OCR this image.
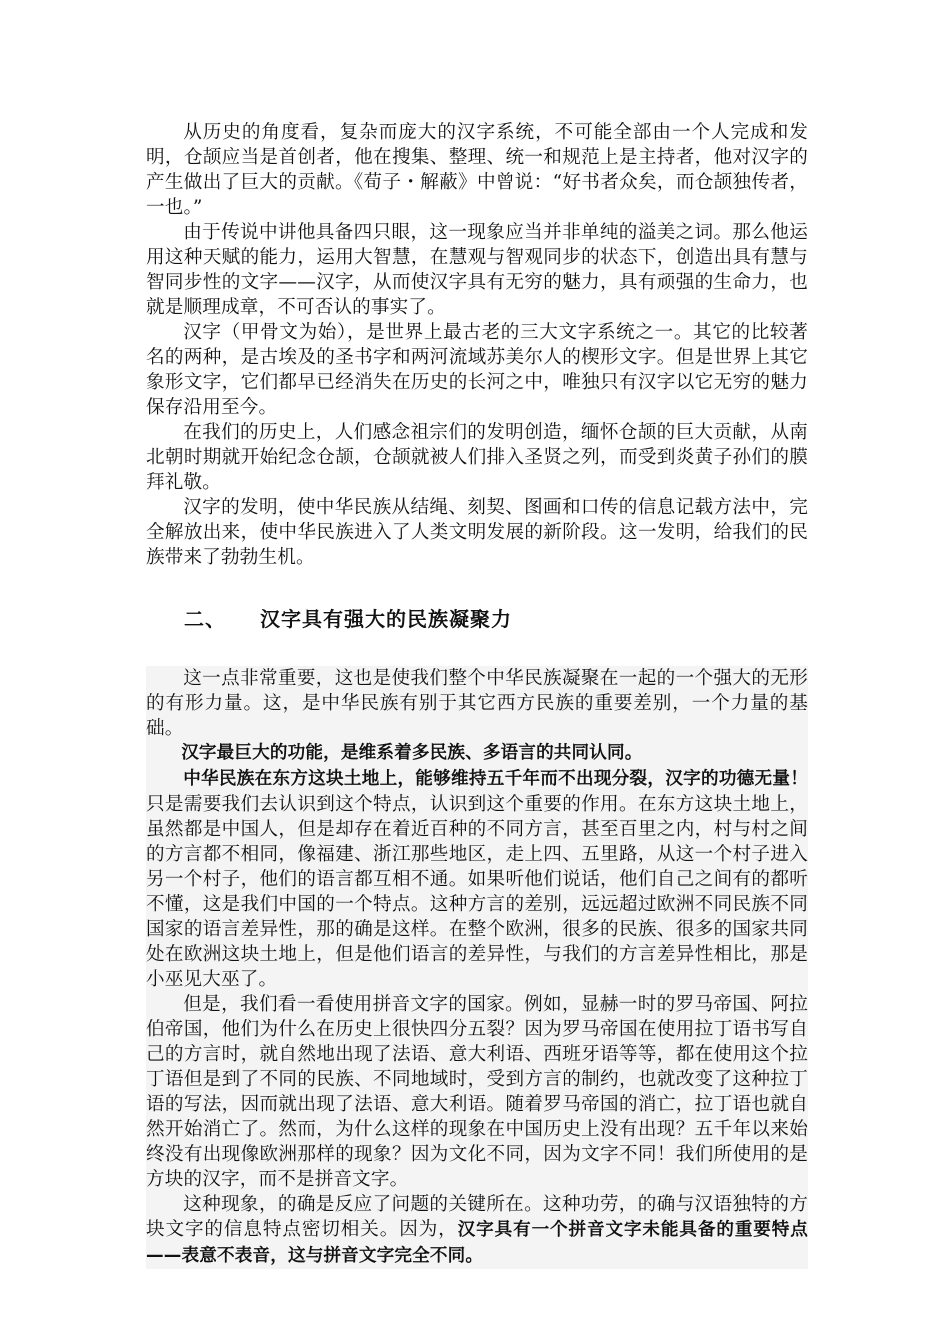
从历史的角度看，复杂而庞大的汉字系统，不可能全部由一个人完成和发明，仓颉应当是首创者，他在搜集、整理、统一和规范上是主持者，他对汉字的产生做出了巨大的贡献。《荀子・解蔽》中曾说：“好书者众矣，而仓颉独传者，一也。”

由于传说中讲他具备四只眼，这一现象应当并非单纯的溢美之词。那么他运用这种天赋的能力，运用大智慧，在慧观与智观同步的状态下，创造出具有慧与智同步性的文字——汉字，从而使汉字具有无穷的魅力，具有顽强的生命力，也就是顺理成章，不可否认的事实了。

汉字（甲骨文为始），是世界上最古老的三大文字系统之一。其它的比较著名的两种，是古埃及的圣书字和两河流域苏美尔人的楔形文字。但是世界上其它象形文字，它们都早已经消失在历史的长河之中，唯独只有汉字以它无穷的魅力保存沿用至今。

在我们的历史上，人们感念祖宗们的发明创造，缅怀仓颉的巨大贡献，从南北朝时期就开始纪念仓颉，仓颉就被人们排入圣贤之列，而受到炎黄子孙们的膜拜礼敬。

汉字的发明，使中华民族从结绳、刻契、图画和口传的信息记载方法中，完全解放出来，使中华民族进入了人类文明发展的新阶段。这一发明，给我们的民族带来了勃勃生机。

二、 汉字具有强大的民族凝聚力

这一点非常重要，这也是使我们整个中华民族凝聚在一起的一个强大的无形的有形力量。这，是中华民族有别于其它西方民族的重要差别，一个力量的基础。

汉字最巨大的功能，是维系着多民族、多语言的共同认同。

中华民族在东方这块土地上，能够维持五千年而不出现分裂，汉字的功德无量！只是需要我们去认识到这个特点，认识到这个重要的作用。在东方这块土地上，虽然都是中国人，但是却存在着近百种的不同方言，甚至百里之内，村与村之间的方言都不相同，像福建、浙江那些地区，走上四、五里路，从这一个村子进入另一个村子，他们的语言都互相不通。如果听他们说话，他们自己之间有的都听不懂，这是我们中国的一个特点。这种方言的差别，远远超过欧洲不同民族不同国家的语言差异性，那的确是这样。在整个欧洲，很多的民族、很多的国家共同处在欧洲这块土地上，但是他们语言的差异性，与我们的方言差异性相比，那是小巫见大巫了。

但是，我们看一看使用拼音文字的国家。例如，显赫一时的罗马帝国、阿拉伯帝国，他们为什么在历史上很快四分五裂？因为罗马帝国在使用拉丁语书写自己的方言时，就自然地出现了法语、意大利语、西班牙语等等，都在使用这个拉丁语但是到了不同的民族、不同地域时，受到方言的制约，也就改变了这种拉丁语的写法，因而就出现了法语、意大利语。随着罗马帝国的消亡，拉丁语也就自然开始消亡了。然而，为什么这样的现象在中国历史上没有出现？五千年以来始终没有出现像欧洲那样的现象？因为文化不同，因为文字不同！我们所使用的是方块的汉字，而不是拼音文字。

这种现象，的确是反应了问题的关键所在。这种功劳，的确与汉语独特的方块文字的信息特点密切相关。因为，汉字具有一个拼音文字未能具备的重要特点——表意不表音，这与拼音文字完全不同。
